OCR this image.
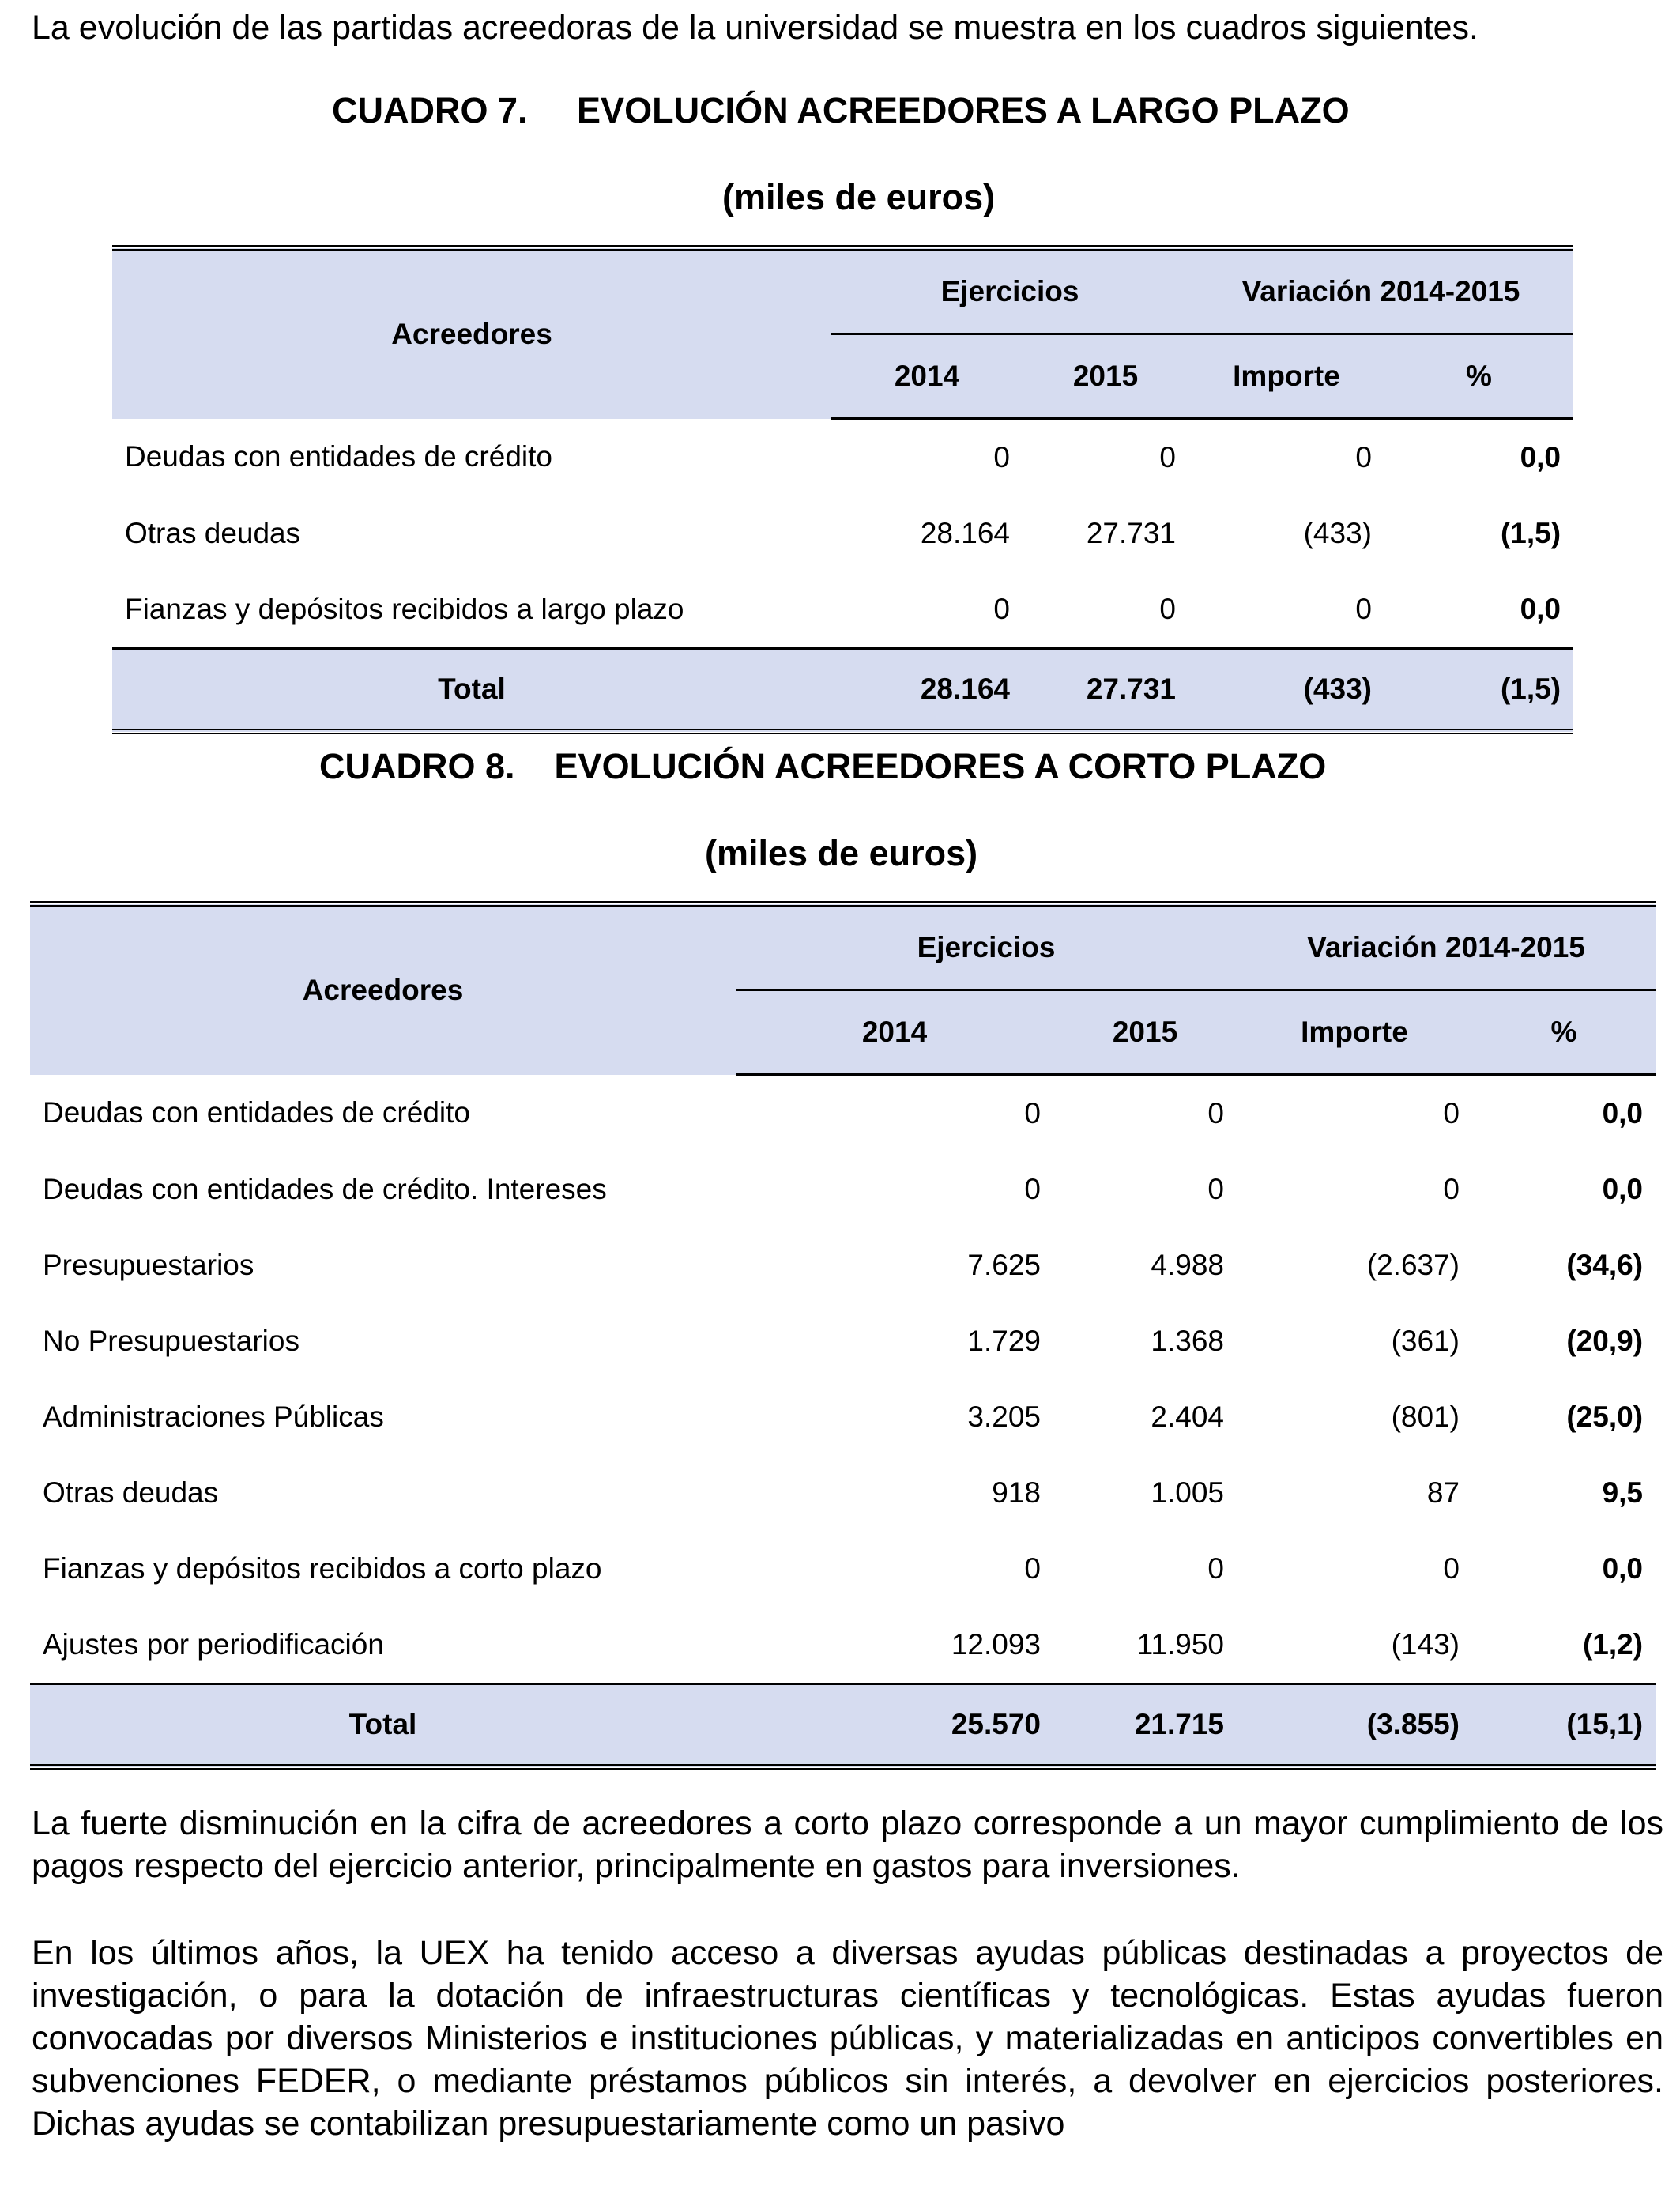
La evolución de las partidas acreedoras de la universidad se muestra en los cuadros siguientes.

CUADRO 7. EVOLUCIÓN ACREEDORES A LARGO PLAZO
(miles de euros)
Acreedores	Ejercicios		Variación 2014-2015	
	2014	2015	Importe	%
Deudas con entidades de crédito	0	0	0	0,0
Otras deudas	28.164	27.731	(433)	(1,5)
Fianzas y depósitos recibidos a largo plazo	0	0	0	0,0
Total	28.164	27.731	(433)	(1,5)
CUADRO 8. EVOLUCIÓN ACREEDORES A CORTO PLAZO
(miles de euros)
Acreedores	Ejercicios		Variación 2014-2015	
	2014	2015	Importe	%
Deudas con entidades de crédito	0	0	0	0,0
Deudas con entidades de crédito. Intereses	0	0	0	0,0
Presupuestarios	7.625	4.988	(2.637)	(34,6)
No Presupuestarios	1.729	1.368	(361)	(20,9)
Administraciones Públicas	3.205	2.404	(801)	(25,0)
Otras deudas	918	1.005	87	9,5
Fianzas y depósitos recibidos a corto plazo	0	0	0	0,0
Ajustes por periodificación	12.093	11.950	(143)	(1,2)
Total	25.570	21.715	(3.855)	(15,1)

La fuerte disminución en la cifra de acreedores a corto plazo corresponde a un mayor cumplimiento de los pagos respecto del ejercicio anterior, principalmente en gastos para inversiones.

En los últimos años, la UEX ha tenido acceso a diversas ayudas públicas destinadas a proyectos de investigación, o para la dotación de infraestructuras científicas y tecnológicas. Estas ayudas fueron convocadas por diversos Ministerios e instituciones públicas, y materializadas en anticipos convertibles en subvenciones FEDER, o mediante préstamos públicos sin interés, a devolver en ejercicios posteriores. Dichas ayudas se contabilizan presupuestariamente como un pasivo
